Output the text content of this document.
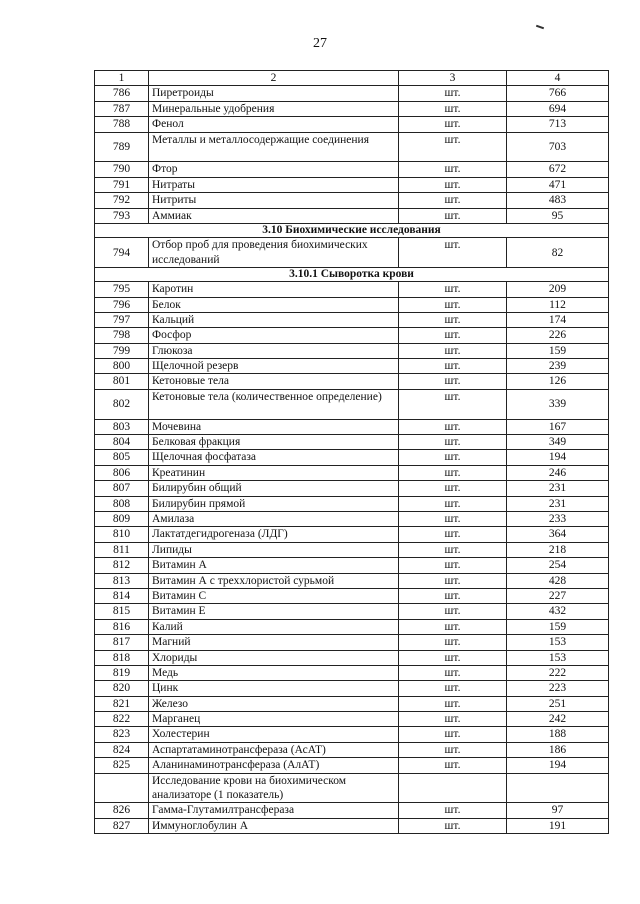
27
1	2	3	4
786	Пиретроиды	шт.	766
787	Минеральные удобрения	шт.	694
788	Фенол	шт.	713
789	Металлы и металлосодержащие соединения	шт.	703
790	Фтор	шт.	672
791	Нитраты	шт.	471
792	Нитриты	шт.	483
793	Аммиак	шт.	95
3.10 Биохимические исследования			
794	Отбор проб для проведения биохимических исследований	шт.	82
3.10.1 Сыворотка крови			
795	Каротин	шт.	209
796	Белок	шт.	112
797	Кальций	шт.	174
798	Фосфор	шт.	226
799	Глюкоза	шт.	159
800	Щелочной резерв	шт.	239
801	Кетоновые тела	шт.	126
802	Кетоновые тела (количественное определение)	шт.	339
803	Мочевина	шт.	167
804	Белковая фракция	шт.	349
805	Щелочная фосфатаза	шт.	194
806	Креатинин	шт.	246
807	Билирубин общий	шт.	231
808	Билирубин прямой	шт.	231
809	Амилаза	шт.	233
810	Лактатдегидрогеназа (ЛДГ)	шт.	364
811	Липиды	шт.	218
812	Витамин А	шт.	254
813	Витамин А с треххлористой сурьмой	шт.	428
814	Витамин С	шт.	227
815	Витамин Е	шт.	432
816	Калий	шт.	159
817	Магний	шт.	153
818	Хлориды	шт.	153
819	Медь	шт.	222
820	Цинк	шт.	223
821	Железо	шт.	251
822	Марганец	шт.	242
823	Холестерин	шт.	188
824	Аспартатаминотрансфераза (АсАТ)	шт.	186
825	Аланинаминотрансфераза (АлАТ)	шт.	194
	Исследование крови на биохимическом анализаторе (1 показатель)		
826	Гамма-Глутамилтрансфераза	шт.	97
827	Иммуноглобулин А	шт.	191
